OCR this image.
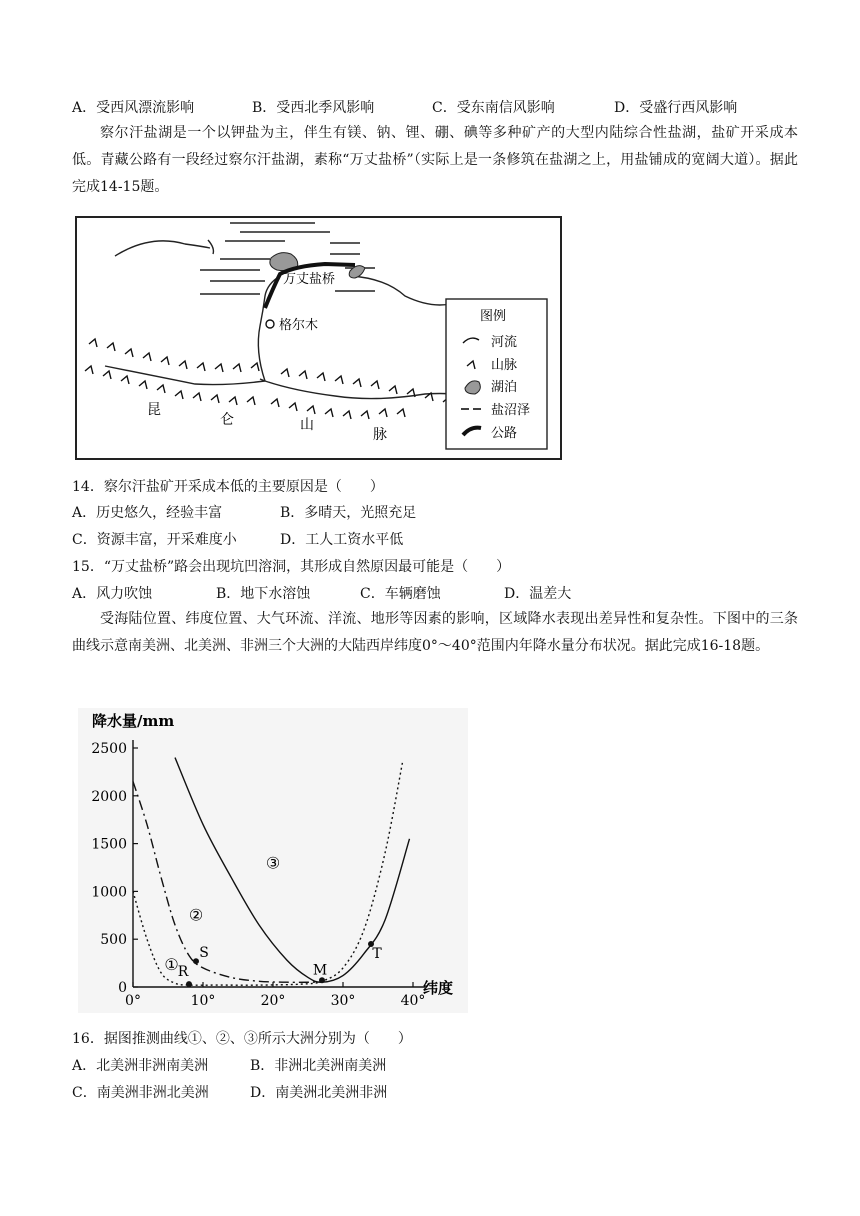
A．受西风漂流影响	B．受西北季风影响	C．受东南信风影响	D．受盛行西风影响
察尔汗盐湖是一个以钾盐为主，伴生有镁、钠、锂、硼、碘等多种矿产的大型内陆综合性盐湖，盐矿开采成本低。青藏公路有一段经过察尔汗盐湖，素称“万丈盐桥”（实际上是一条修筑在盐湖之上，用盐铺成的宽阔大道）。据此完成14-15题。
格尔木
万丈盐桥
昆
仑	山
脉
图例
河流
山脉
湖泊
盐沼泽
公路
14．察尔汗盐矿开采成本低的主要原因是（　　）
A．历史悠久，经验丰富	B．多晴天，光照充足
C．资源丰富，开采难度小	D．工人工资水平低
15．“万丈盐桥”路会出现坑凹溶洞，其形成自然原因最可能是（　　）
A．风力吹蚀	B．地下水溶蚀	C．车辆磨蚀	D．温差大
受海陆位置、纬度位置、大气环流、洋流、地形等因素的影响，区域降水表现出差异性和复杂性。下图中的三条曲线示意南美洲、北美洲、非洲三个大洲的大陆西岸纬度0°～40°范围内年降水量分布状况。据此完成16-18题。
降水量/mm
纬度
0
500
1000
1500
2000
2500
0°	10°	20°	30°	40°
①
②
③
R
S
M
T
16．据图推测曲线①、②、③所示大洲分别为（　　）
A．北美洲非洲南美洲	B．非洲北美洲南美洲
C．南美洲非洲北美洲	D．南美洲北美洲非洲
